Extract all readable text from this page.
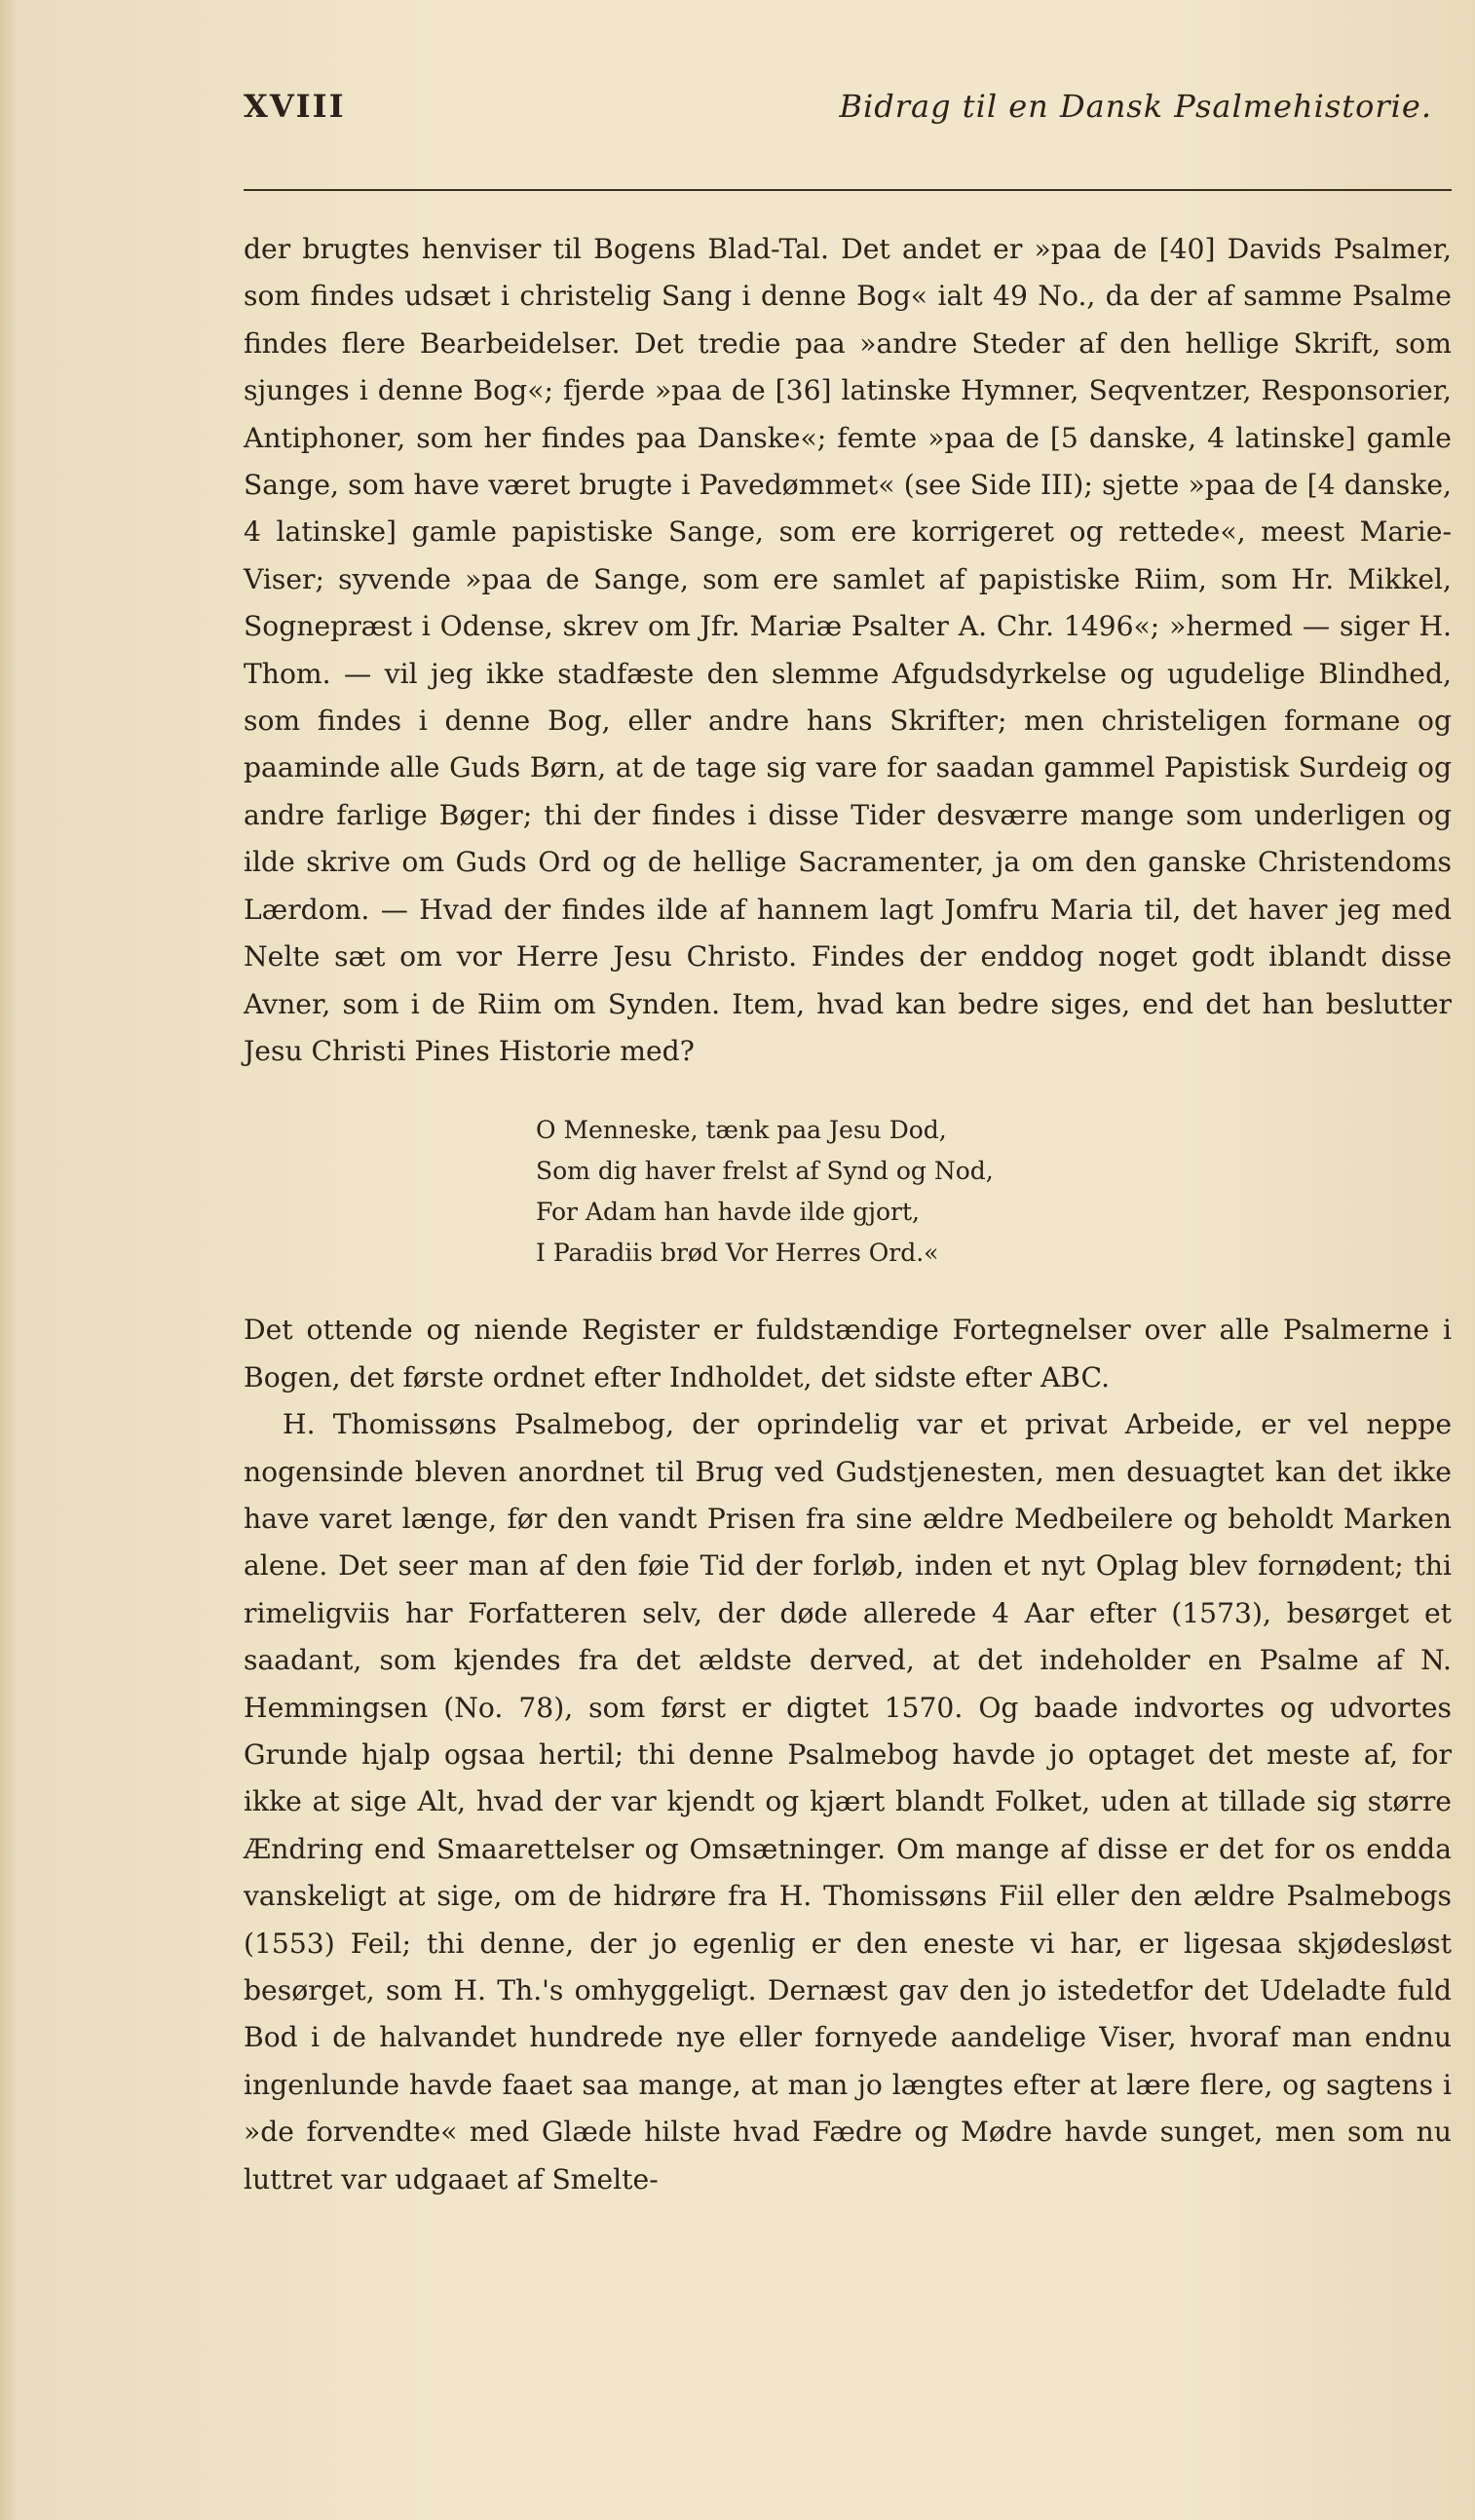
XVIII	Bidrag til en Dansk Psalmehistorie.

der brugtes henviser til Bogens Blad-Tal. Det andet er »paa de [40] Davids Psalmer, som findes udsæt i christelig Sang i denne Bog« ialt 49 No., da der af samme Psalme findes flere Bearbeidelser. Det tredie paa »andre Steder af den hellige Skrift, som sjunges i denne Bog«; fjerde »paa de [36] latinske Hymner, Seqventzer, Responsorier, Antiphoner, som her findes paa Danske«; femte »paa de [5 danske, 4 latinske] gamle Sange, som have været brugte i Pavedømmet« (see Side III); sjette »paa de [4 danske, 4 latinske] gamle papistiske Sange, som ere korrigeret og rettede«, meest Marie-Viser; syvende »paa de Sange, som ere samlet af papistiske Riim, som Hr. Mikkel, Sognepræst i Odense, skrev om Jfr. Mariæ Psalter A. Chr. 1496«; »hermed — siger H. Thom. — vil jeg ikke stadfæste den slemme Afgudsdyrkelse og ugudelige Blindhed, som findes i denne Bog, eller andre hans Skrifter; men christeligen formane og paaminde alle Guds Børn, at de tage sig vare for saadan gammel Papistisk Surdeig og andre farlige Bøger; thi der findes i disse Tider desværre mange som underligen og ilde skrive om Guds Ord og de hellige Sacramenter, ja om den ganske Christendoms Lærdom. — Hvad der findes ilde af hannem lagt Jomfru Maria til, det haver jeg med Nelte sæt om vor Herre Jesu Christo. Findes der enddog noget godt iblandt disse Avner, som i de Riim om Synden. Item, hvad kan bedre siges, end det han beslutter Jesu Christi Pines Historie med?

O Menneske, tænk paa Jesu Dod,
Som dig haver frelst af Synd og Nod,
For Adam han havde ilde gjort,
I Paradiis brød Vor Herres Ord.«

Det ottende og niende Register er fuldstændige Fortegnelser over alle Psalmerne i Bogen, det første ordnet efter Indholdet, det sidste efter ABC.

H. Thomissøns Psalmebog, der oprindelig var et privat Arbeide, er vel neppe nogensinde bleven anordnet til Brug ved Gudstjenesten, men desuagtet kan det ikke have varet længe, før den vandt Prisen fra sine ældre Medbeilere og beholdt Marken alene. Det seer man af den føie Tid der forløb, inden et nyt Oplag blev fornødent; thi rimeligviis har Forfatteren selv, der døde allerede 4 Aar efter (1573), besørget et saadant, som kjendes fra det ældste derved, at det indeholder en Psalme af N. Hemmingsen (No. 78), som først er digtet 1570. Og baade indvortes og udvortes Grunde hjalp ogsaa hertil; thi denne Psalmebog havde jo optaget det meste af, for ikke at sige Alt, hvad der var kjendt og kjært blandt Folket, uden at tillade sig større Ændring end Smaarettelser og Omsætninger. Om mange af disse er det for os endda vanskeligt at sige, om de hidrøre fra H. Thomissøns Fiil eller den ældre Psalmebogs (1553) Feil; thi denne, der jo egenlig er den eneste vi har, er ligesaa skjødesløst besørget, som H. Th.'s omhyggeligt. Dernæst gav den jo istedetfor det Udeladte fuld Bod i de halvandet hundrede nye eller fornyede aandelige Viser, hvoraf man endnu ingenlunde havde faaet saa mange, at man jo længtes efter at lære flere, og sagtens i »de forvendte« med Glæde hilste hvad Fædre og Mødre havde sunget, men som nu luttret var udgaaet af Smelte-
